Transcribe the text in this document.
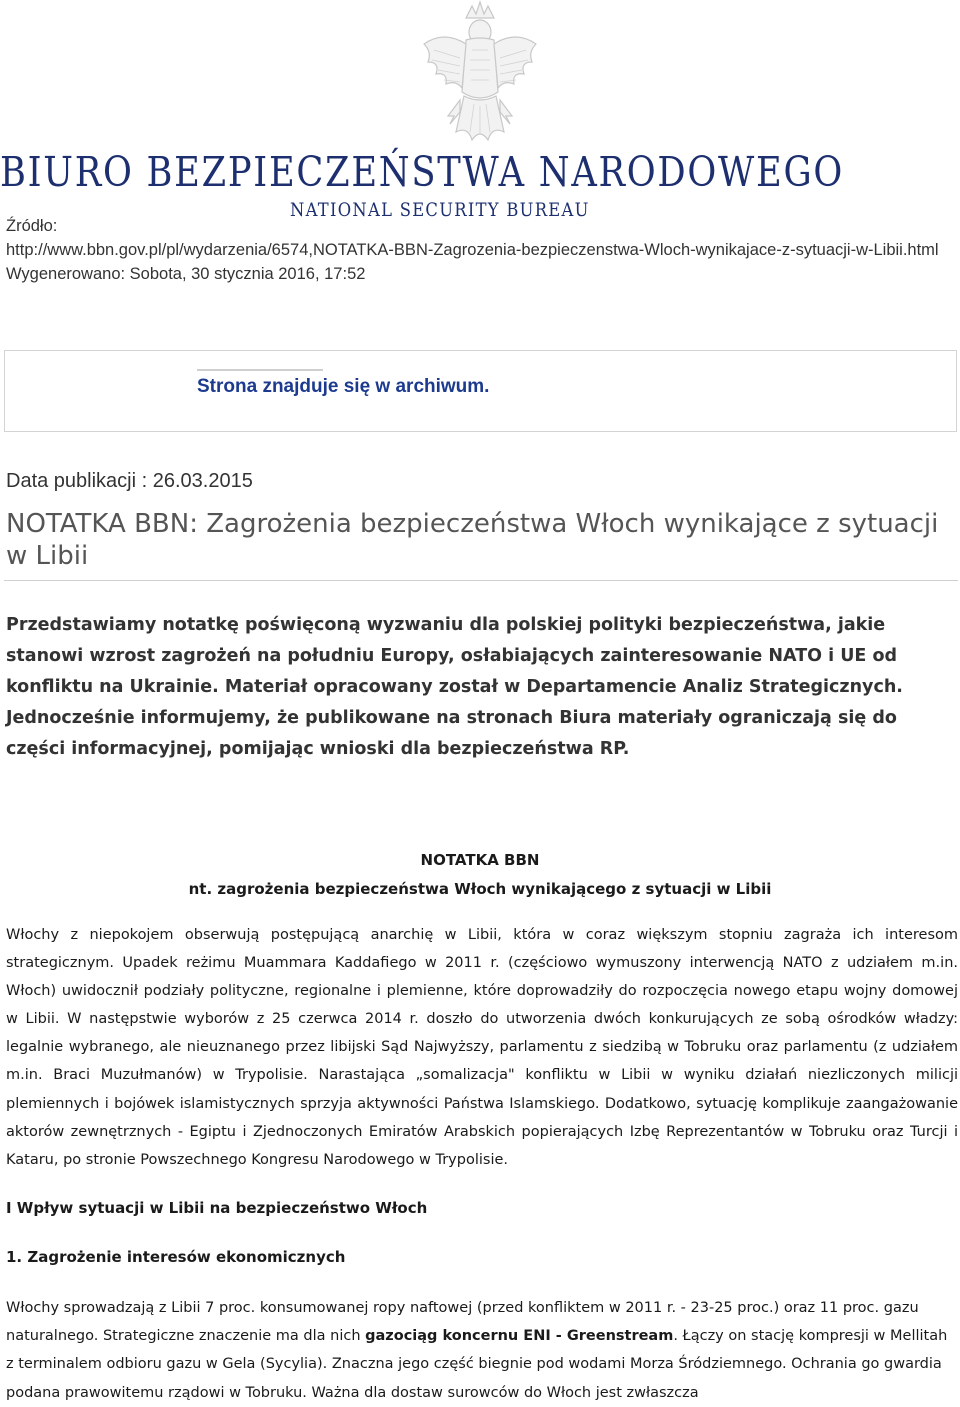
BIURO BEZPIECZEŃSTWA NARODOWEGO
NATIONAL SECURITY BUREAU
Źródło:
http://www.bbn.gov.pl/pl/wydarzenia/6574,NOTATKA-BBN-Zagrozenia-bezpieczenstwa-Wloch-wynikajace-z-sytuacji-w-Libii.html
Wygenerowano: Sobota, 30 stycznia 2016, 17:52
Strona znajduje się w archiwum.
Data publikacji : 26.03.2015
NOTATKA BBN: Zagrożenia bezpieczeństwa Włoch wynikające z sytuacji w Libii

Przedstawiamy notatkę poświęconą wyzwaniu dla polskiej polityki bezpieczeństwa, jakie stanowi wzrost zagrożeń na południu Europy, osłabiających zainteresowanie NATO i UE od konfliktu na Ukrainie. Materiał opracowany został w Departamencie Analiz Strategicznych. Jednocześnie informujemy, że publikowane na stronach Biura materiały ograniczają się do części informacyjnej, pomijając wnioski dla bezpieczeństwa RP.

NOTATKA BBN
nt. zagrożenia bezpieczeństwa Włoch wynikającego z sytuacji w Libii

Włochy z niepokojem obserwują postępującą anarchię w Libii, która w coraz większym stopniu zagraża ich interesom strategicznym. Upadek reżimu Muammara Kaddafiego w 2011 r. (częściowo wymuszony interwencją NATO z udziałem m.in. Włoch) uwidocznił podziały polityczne, regionalne i plemienne, które doprowadziły do rozpoczęcia nowego etapu wojny domowej w Libii. W następstwie wyborów z 25 czerwca 2014 r. doszło do utworzenia dwóch konkurujących ze sobą ośrodków władzy: legalnie wybranego, ale nieuznanego przez libijski Sąd Najwyższy, parlamentu z siedzibą w Tobruku oraz parlamentu (z udziałem m.in. Braci Muzułmanów) w Trypolisie. Narastająca „somalizacja" konfliktu w Libii w wyniku działań niezliczonych milicji plemiennych i bojówek islamistycznych sprzyja aktywności Państwa Islamskiego. Dodatkowo, sytuację komplikuje zaangażowanie aktorów zewnętrznych - Egiptu i Zjednoczonych Emiratów Arabskich popierających Izbę Reprezentantów w Tobruku oraz Turcji i Kataru, po stronie Powszechnego Kongresu Narodowego w Trypolisie.

I Wpływ sytuacji w Libii na bezpieczeństwo Włoch
1. Zagrożenie interesów ekonomicznych

Włochy sprowadzają z Libii 7 proc. konsumowanej ropy naftowej (przed konfliktem w 2011 r. - 23-25 proc.) oraz 11 proc. gazu naturalnego. Strategiczne znaczenie ma dla nich gazociąg koncernu ENI - Greenstream. Łączy on stację kompresji w Mellitah z terminalem odbioru gazu w Gela (Sycylia). Znaczna jego część biegnie pod wodami Morza Śródziemnego. Ochrania go gwardia podana prawowitemu rządowi w Tobruku. Ważna dla dostaw surowców do Włoch jest zwłaszcza
